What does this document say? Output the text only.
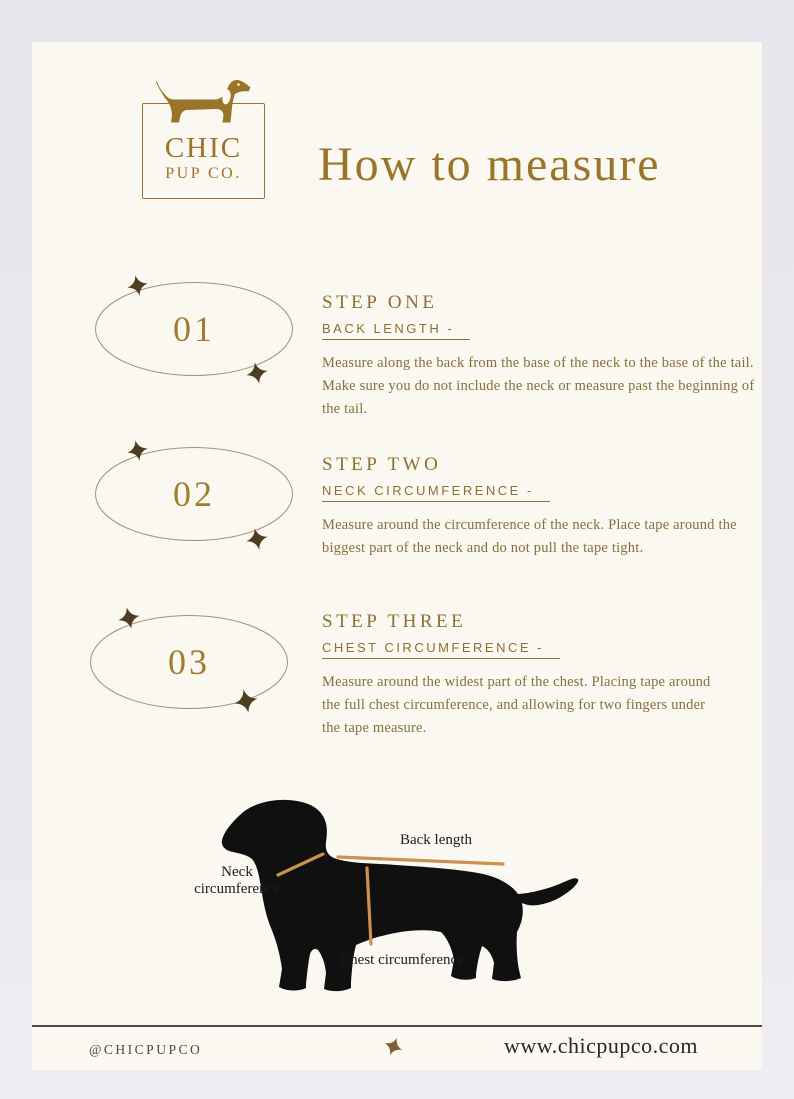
CHIC
PUP CO.	How to measure
01
STEP ONE
BACK LENGTH -

Measure along the back from the base of the neck to the base of the tail. Make sure you do not include the neck or measure past the beginning of the tail.

02
STEP TWO
NECK CIRCUMFERENCE -

Measure around the circumference of the neck. Place tape around the biggest part of the neck and do not pull the tape tight.

03
STEP THREE
CHEST CIRCUMFERENCE -

Measure around the widest part of the chest. Placing tape around the full chest circumference, and allowing for two fingers under the tape measure.

Back length
Neck circumference
Chest circumference
@CHICPUPCO	www.chicpupco.com
